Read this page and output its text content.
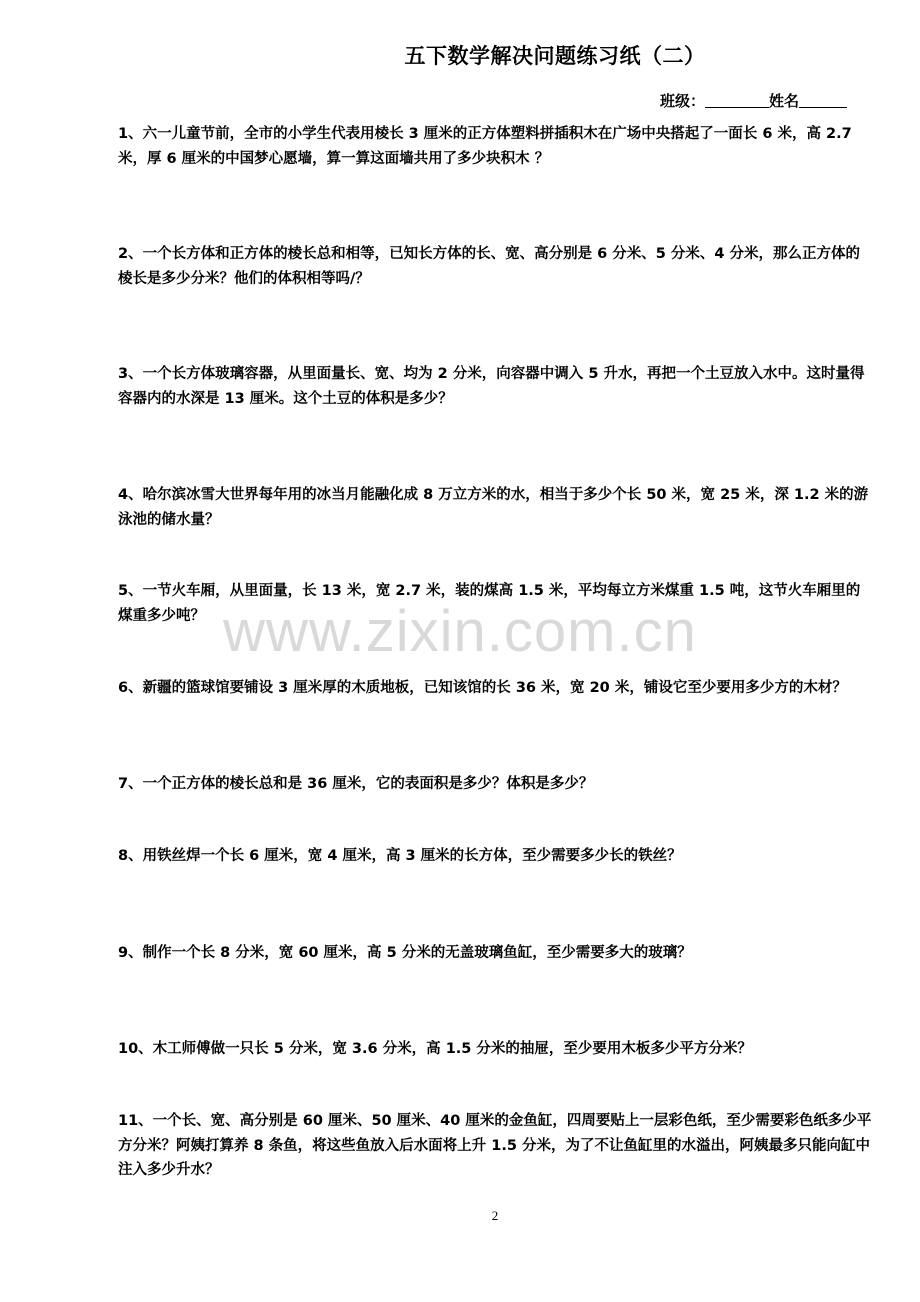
五下数学解决问题练习纸（二）
班级：	姓名
1、六一儿童节前，全市的小学生代表用棱长 3 厘米的正方体塑料拼插积木在广场中央搭起了一面长 6 米，高 2.7 米，厚 6 厘米的中国梦心愿墙，算一算这面墙共用了多少块积木 ？
2、一个长方体和正方体的棱长总和相等，已知长方体的长、宽、高分别是 6 分米、5 分米、4 分米，那么正方体的棱长是多少分米？他们的体积相等吗/？
3、一个长方体玻璃容器，从里面量长、宽、均为 2 分米，向容器中调入 5 升水，再把一个土豆放入水中。这时量得容器内的水深是 13 厘米。这个土豆的体积是多少？
4、哈尔滨冰雪大世界每年用的冰当月能融化成 8 万立方米的水，相当于多少个长 50 米，宽 25 米，深 1.2 米的游泳池的储水量？
5、一节火车厢，从里面量，长 13 米，宽 2.7 米，装的煤高 1.5 米，平均每立方米煤重 1.5 吨，这节火车厢里的煤重多少吨？
6、新疆的篮球馆要铺设 3 厘米厚的木质地板，已知该馆的长 36 米，宽 20 米，铺设它至少要用多少方的木材？
7、一个正方体的棱长总和是 36 厘米，它的表面积是多少？体积是多少？
8、用铁丝焊一个长 6 厘米，宽 4 厘米，高 3 厘米的长方体，至少需要多少长的铁丝？
9、制作一个长 8 分米，宽 60 厘米，高 5 分米的无盖玻璃鱼缸，至少需要多大的玻璃？
10、木工师傅做一只长 5 分米，宽 3.6 分米，高 1.5 分米的抽屉，至少要用木板多少平方分米？
11、一个长、宽、高分别是 60 厘米、50 厘米、40 厘米的金鱼缸，四周要贴上一层彩色纸，至少需要彩色纸多少平方分米？阿姨打算养 8 条鱼，将这些鱼放入后水面将上升 1.5 分米，为了不让鱼缸里的水溢出，阿姨最多只能向缸中注入多少升水？
www.zixin.com.cn
2
